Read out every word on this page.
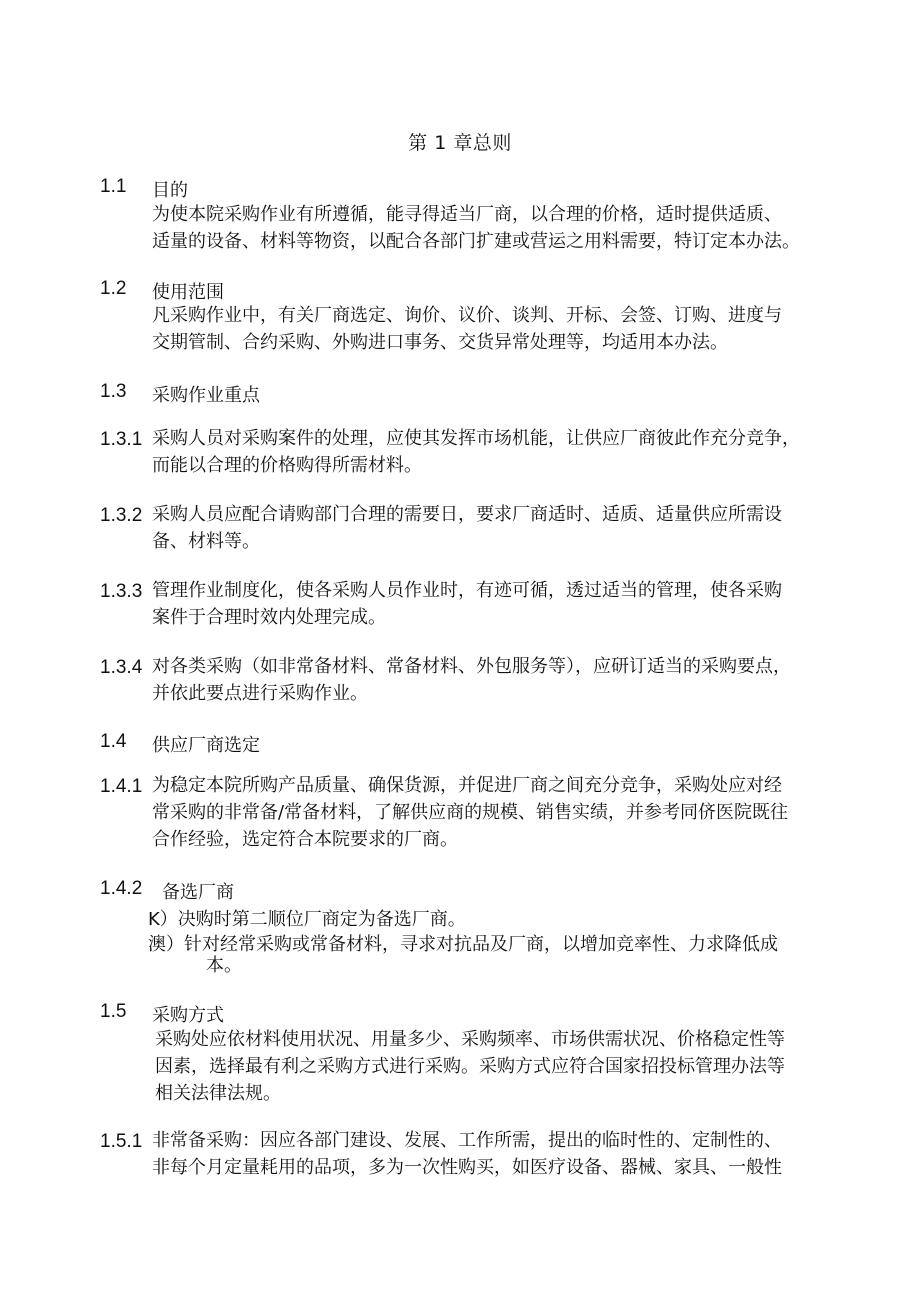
第 1 章总则
1.1 目的
为使本院采购作业有所遵循，能寻得适当厂商，以合理的价格，适时提供适质、
适量的设备、材料等物资，以配合各部门扩建或营运之用料需要，特订定本办法。
1.2 使用范围
凡采购作业中，有关厂商选定、询价、议价、谈判、开标、会签、订购、进度与
交期管制、合约采购、外购进口事务、交货异常处理等，均适用本办法。
1.3 采购作业重点
1.3.1 采购人员对采购案件的处理，应使其发挥市场机能，让供应厂商彼此作充分竞争，
而能以合理的价格购得所需材料。
1.3.2 采购人员应配合请购部门合理的需要日，要求厂商适时、适质、适量供应所需设
备、材料等。
1.3.3 管理作业制度化，使各采购人员作业时，有迹可循，透过适当的管理，使各采购
案件于合理时效内处理完成。
1.3.4 对各类采购（如非常备材料、常备材料、外包服务等），应研订适当的采购要点，
并依此要点进行采购作业。
1.4 供应厂商选定
1.4.1 为稳定本院所购产品质量、确保货源，并促进厂商之间充分竞争，采购处应对经
常采购的非常备/常备材料，了解供应商的规模、销售实绩，并参考同侪医院既往
合作经验，选定符合本院要求的厂商。
1.4.2 备选厂商
K）决购时第二顺位厂商定为备选厂商。
澳）针对经常采购或常备材料，寻求对抗品及厂商，以增加竞率性、力求降低成
本。
1.5 采购方式
采购处应依材料使用状况、用量多少、采购频率、市场供需状况、价格稳定性等
因素，选择最有利之采购方式进行采购。采购方式应符合国家招投标管理办法等
相关法律法规。
1.5.1 非常备采购：因应各部门建设、发展、工作所需，提出的临时性的、定制性的、
非每个月定量耗用的品项，多为一次性购买，如医疗设备、器械、家具、一般性
